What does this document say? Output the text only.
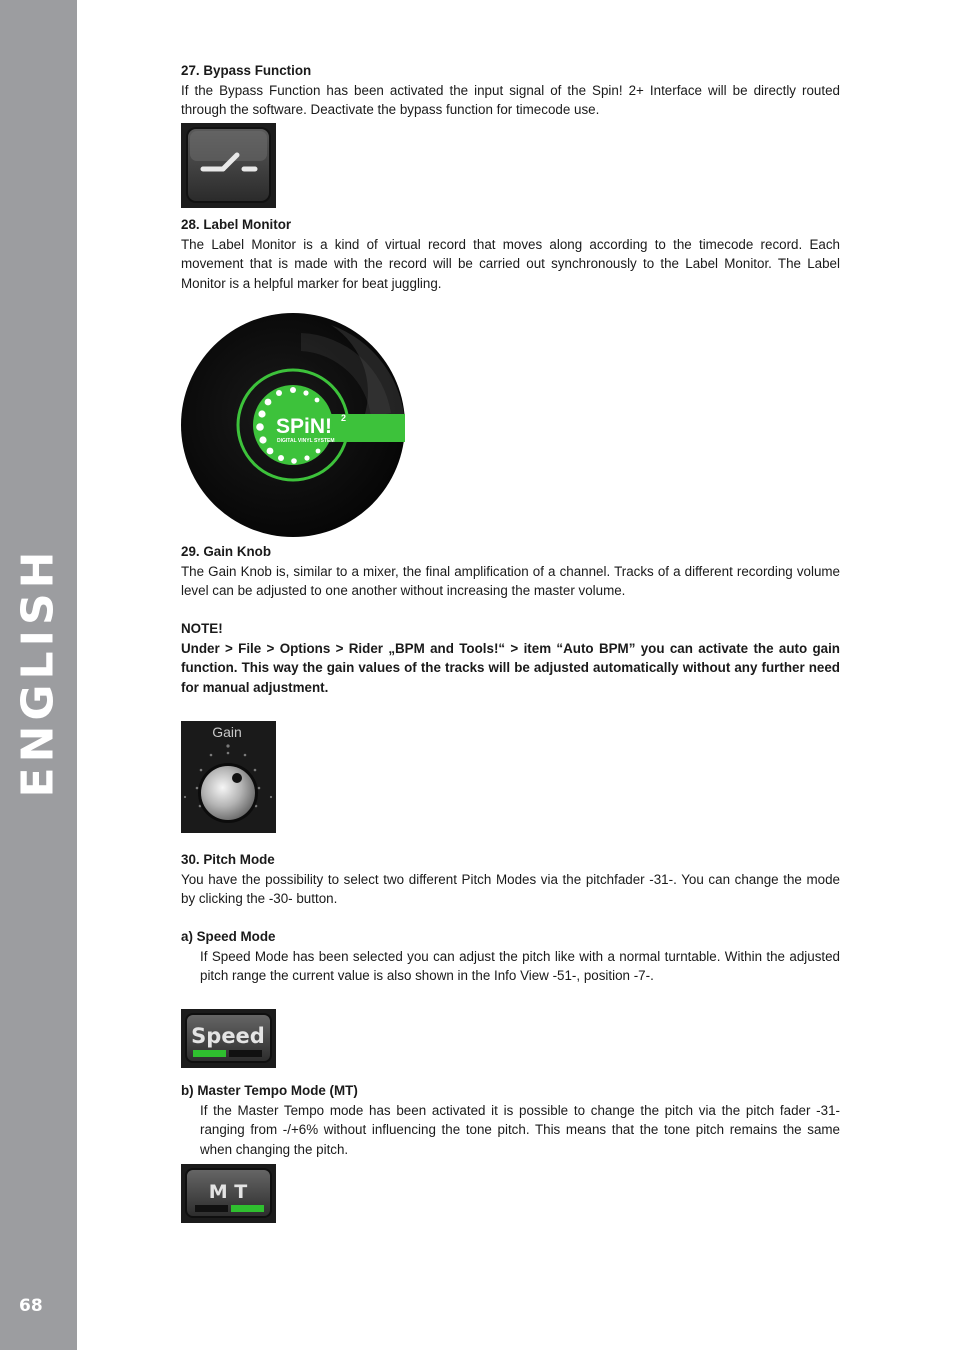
ENGLISH
68

27. Bypass Function

If the Bypass Function has been activated the input signal of the Spin! 2+ Interface will be directly routed through the software. Deactivate the bypass function for timecode use.

28. Label Monitor

The Label Monitor is a kind of virtual record that moves along according to the timecode record. Each movement that is made with the record will be carried out synchronously to the Label Monitor. The Label Monitor is a helpful marker for beat juggling.

SPiN! 2
DIGITAL VINYL SYSTEM

29. Gain Knob

The Gain Knob is, similar to a mixer, the final amplification of a channel. Tracks of a different recording volume level can be adjusted to one another without increasing the master volume.

NOTE!

Under > File > Options > Rider „BPM and Tools!“ > item “Auto BPM” you can activate the auto gain function. This way the gain values of the tracks will be adjusted automatically without any further need for manual adjustment.

Gain

30. Pitch Mode

You have the possibility to select two different Pitch Modes via the pitchfader -31-. You can change the mode by clicking the -30- button.

a) Speed Mode

If Speed Mode has been selected you can adjust the pitch like with a normal turntable. Within the adjusted pitch range the current value is also shown in the Info View -51-, position -7-.

Speed

b) Master Tempo Mode (MT)

If the Master Tempo mode has been activated it is possible to change the pitch via the pitch fader -31- ranging from -/+6% without influencing the tone pitch. This means that the tone pitch remains the same when changing the pitch.

M T
